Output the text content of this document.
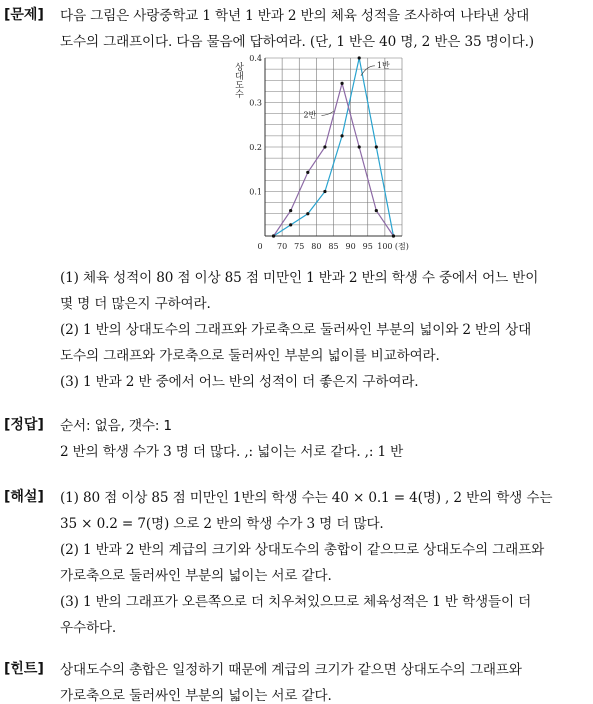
[문제] 다음 그림은 사랑중학교 1 학년 1 반과 2 반의 체육 성적을 조사하여 나타낸 상대
도수의 그래프이다. 다음 물음에 답하여라. (단, 1 반은 40 명, 2 반은 35 명이다.)
0.4
0.3
0.2
0.1
상대도수
0 70 75 80 85 90 95 100 (점)
1반
2반
(1) 체육 성적이 80 점 이상 85 점 미만인 1 반과 2 반의 학생 수 중에서 어느 반이
몇 명 더 많은지 구하여라.
(2) 1 반의 상대도수의 그래프와 가로축으로 둘러싸인 부분의 넓이와 2 반의 상대
도수의 그래프와 가로축으로 둘러싸인 부분의 넓이를 비교하여라.
(3) 1 반과 2 반 중에서 어느 반의 성적이 더 좋은지 구하여라.
[정답] 순서: 없음, 갯수: 1
2 반의 학생 수가 3 명 더 많다. ,: 넓이는 서로 같다. ,: 1 반
[해설] (1) 80 점 이상 85 점 미만인 1반의 학생 수는 40 × 0.1 = 4(명) , 2 반의 학생 수는
35 × 0.2 = 7(명) 으로 2 반의 학생 수가 3 명 더 많다.
(2) 1 반과 2 반의 계급의 크기와 상대도수의 총합이 같으므로 상대도수의 그래프와
가로축으로 둘러싸인 부분의 넓이는 서로 같다.
(3) 1 반의 그래프가 오른쪽으로 더 치우쳐있으므로 체육성적은 1 반 학생들이 더
우수하다.
[힌트] 상대도수의 총합은 일정하기 때문에 계급의 크기가 같으면 상대도수의 그래프와
가로축으로 둘러싸인 부분의 넓이는 서로 같다.
